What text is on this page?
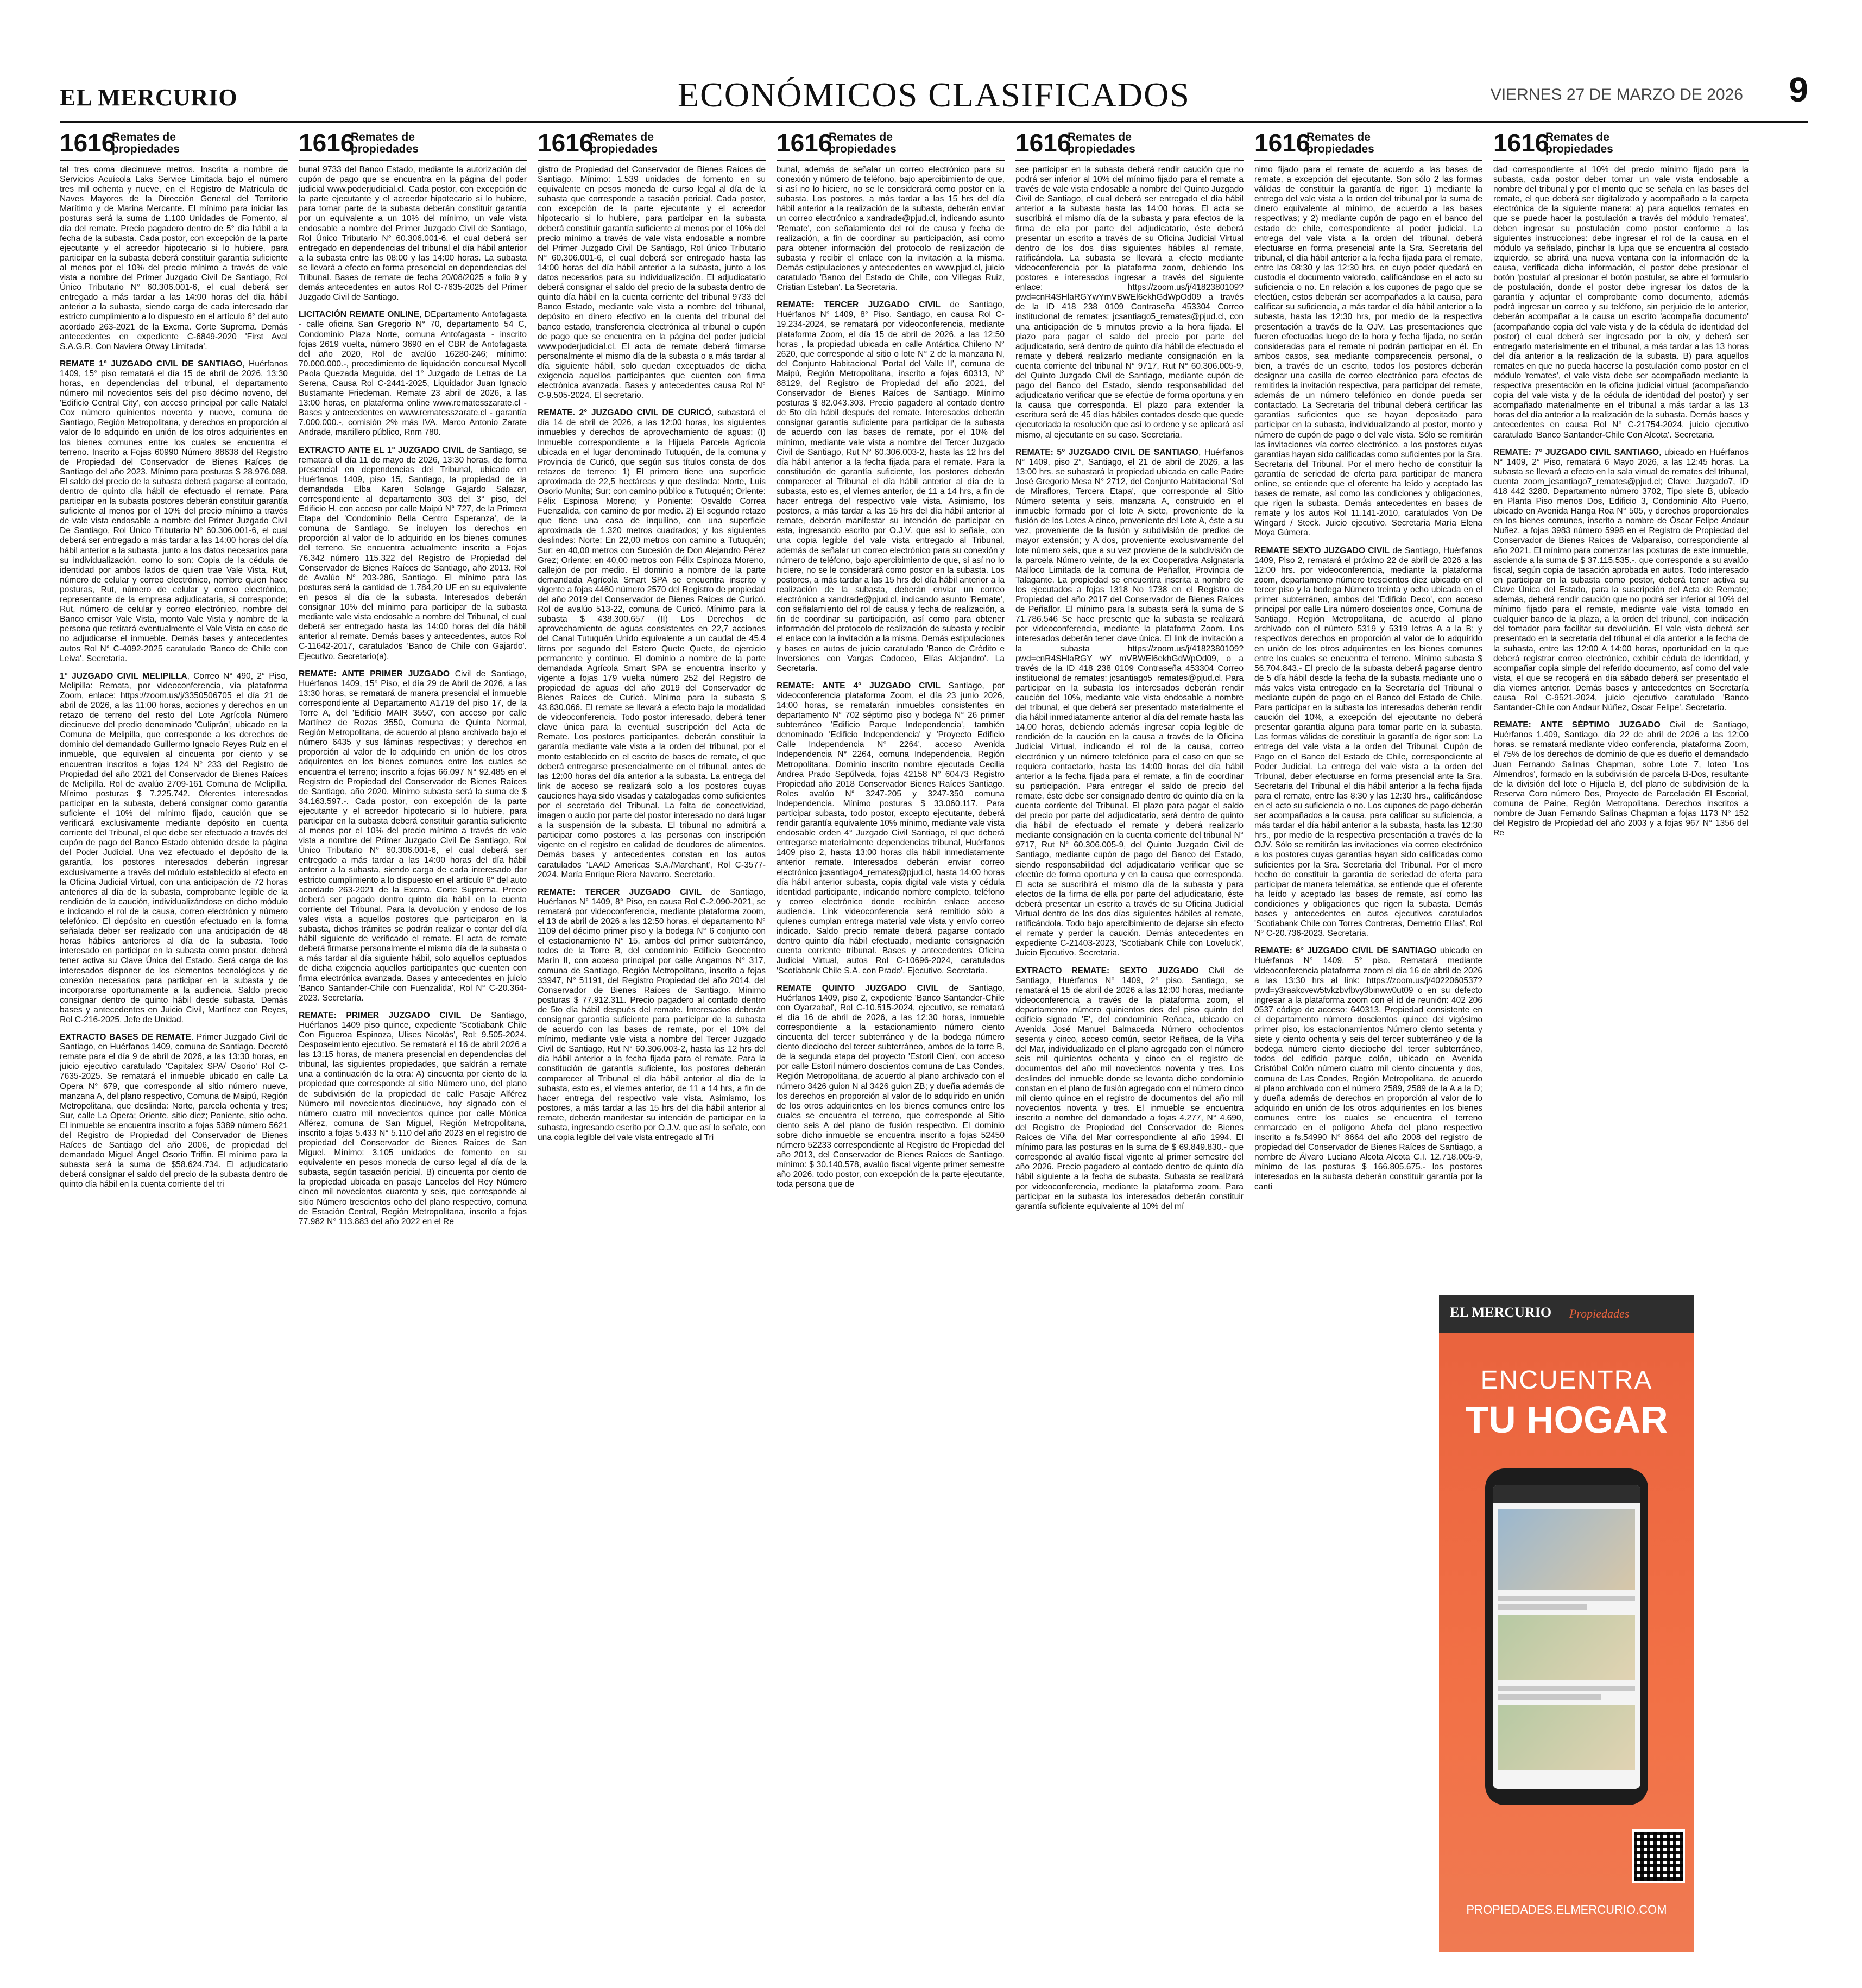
EL MERCURIO	ECONÓMICOS CLASIFICADOS	VIERNES 27 DE MARZO DE 2026 9
1616
Remates de
propiedades

tal tres coma diecinueve metros. Inscrita a nombre de Servicios Acuícola Laks Service Limitada bajo el número tres mil ochenta y nueve, en el Registro de Matrícula de Naves Mayores de la Dirección General del Territorio Marítimo y de Marina Mercante. El mínimo para iniciar las posturas será la suma de 1.100 Unidades de Fomento, al día del remate. Precio pagadero dentro de 5° día hábil a la fecha de la subasta. Cada postor, con excepción de la parte ejecutante y el acreedor hipotecario si lo hubiere, para participar en la subasta deberá constituir garantía suficiente al menos por el 10% del precio mínimo a través de vale vista a nombre del Primer Juzgado Civil De Santiago, Rol Único Tributario N° 60.306.001-6, el cual deberá ser entregado a más tardar a las 14:00 horas del día hábil anterior a la subasta, siendo carga de cada interesado dar estricto cumplimiento a lo dispuesto en el artículo 6° del auto acordado 263-2021 de la Excma. Corte Suprema. Demás antecedentes en expediente C-6849-2020 'First Aval S.A.G.R. Con Naviera Otway Limitada'.

REMATE 1° JUZGADO CIVIL DE SANTIAGO, Huérfanos 1409, 15° piso rematará el día 15 de abril de 2026, 13:30 horas, en dependencias del tribunal, el departamento número mil novecientos seis del piso décimo noveno, del 'Edificio Central City', con acceso principal por calle Natalel Cox número quinientos noventa y nueve, comuna de Santiago, Región Metropolitana, y derechos en proporción al valor de lo adquirido en unión de los otros adquirientes en los bienes comunes entre los cuales se encuentra el terreno. Inscrito a Fojas 60990 Número 88638 del Registro de Propiedad del Conservador de Bienes Raíces de Santiago del año 2023. Mínimo para posturas $ 28.976.088. El saldo del precio de la subasta deberá pagarse al contado, dentro de quinto día hábil de efectuado el remate. Para participar en la subasta postores deberán constituir garantía suficiente al menos por el 10% del precio mínimo a través de vale vista endosable a nombre del Primer Juzgado Civil De Santiago, Rol Único Tributario N° 60.306.001-6, el cual deberá ser entregado a más tardar a las 14:00 horas del día hábil anterior a la subasta, junto a los datos necesarios para su individualización, como lo son: Copia de la cédula de identidad por ambos lados de quien trae Vale Vista, Rut, número de celular y correo electrónico, nombre quien hace posturas, Rut, número de celular y correo electrónico, representante de la empresa adjudicataria, si corresponde; Rut, número de celular y correo electrónico, nombre del Banco emisor Vale Vista, monto Vale Vista y nombre de la persona que retirará eventualmente el Vale Vista en caso de no adjudicarse el inmueble. Demás bases y antecedentes autos Rol N° C-4092-2025 caratulado 'Banco de Chile con Leiva'. Secretaria.

1° JUZGADO CIVIL MELIPILLA, Correo N° 490, 2° Piso, Melipilla: Remata, por videoconferencia, vía plataforma Zoom, enlace: https://zoom.us/j/3350506705 el día 21 de abril de 2026, a las 11:00 horas, acciones y derechos en un retazo de terreno del resto del Lote Agrícola Número diecinueve del predio denominado 'Culiprán', ubicado en la Comuna de Melipilla, que corresponde a los derechos de dominio del demandado Guillermo Ignacio Reyes Ruiz en el inmueble, que equivalen al cincuenta por ciento y se encuentran inscritos a fojas 124 N° 233 del Registro de Propiedad del año 2021 del Conservador de Bienes Raíces de Melipilla. Rol de avalúo 2709-161 Comuna de Melipilla. Mínimo posturas $ 7.225.742. Oferentes interesados participar en la subasta, deberá consignar como garantía suficiente el 10% del mínimo fijado, caución que se verificará exclusivamente mediante depósito en cuenta corriente del Tribunal, el que debe ser efectuado a través del cupón de pago del Banco Estado obtenido desde la página del Poder Judicial. Una vez efectuado el depósito de la garantía, los postores interesados deberán ingresar exclusivamente a través del módulo establecido al efecto en la Oficina Judicial Virtual, con una anticipación de 72 horas anteriores al día de la subasta, comprobante legible de la rendición de la caución, individualizándose en dicho módulo e indicando el rol de la causa, correo electrónico y número telefónico. El depósito en cuestión efectuado en la forma señalada deber ser realizado con una anticipación de 48 horas hábiles anteriores al día de la subasta. Todo interesado en participar en la subasta como postor, deberá tener activa su Clave Única del Estado. Será carga de los interesados disponer de los elementos tecnológicos y de conexión necesarios para participar en la subasta y de incorporarse oportunamente a la audiencia. Saldo precio consignar dentro de quinto hábil desde subasta. Demás bases y antecedentes en Juicio Civil, Martínez con Reyes, Rol C-216-2025. Jefe de Unidad.

EXTRACTO BASES DE REMATE. Primer Juzgado Civil de Santiago, en Huérfanos 1409, comuna de Santiago. Decretó remate para el día 9 de abril de 2026, a las 13:30 horas, en juicio ejecutivo caratulado 'Capitalex SPA/ Osorio' Rol C-7635-2025. Se rematará el inmueble ubicado en calle La Opera N° 679, que corresponde al sitio número nueve, manzana A, del plano respectivo, Comuna de Maipú, Región Metropolitana, que deslinda: Norte, parcela ochenta y tres; Sur, calle La Ópera; Oriente, sitio diez; Poniente, sitio ocho. El inmueble se encuentra inscrito a fojas 5389 número 5621 del Registro de Propiedad del Conservador de Bienes Raíces de Santiago del año 2006, de propiedad del demandado Miguel Ángel Osorio Triffin. El mínimo para la subasta será la suma de $58.624.734. El adjudicatario deberá consignar el saldo del precio de la subasta dentro de quinto día hábil en la cuenta corriente del tri

1616
Remates de
propiedades

bunal 9733 del Banco Estado, mediante la autorización del cupón de pago que se encuentra en la página del poder judicial www.poderjudicial.cl. Cada postor, con excepción de la parte ejecutante y el acreedor hipotecario si lo hubiere, para tomar parte de la subasta deberán constituir garantía por un equivalente a un 10% del mínimo, un vale vista endosable a nombre del Primer Juzgado Civil de Santiago, Rol Único Tributario N° 60.306.001-6, el cual deberá ser entregado en dependencias del tribunal el día hábil anterior a la subasta entre las 08:00 y las 14:00 horas. La subasta se llevará a efecto en forma presencial en dependencias del Tribunal. Bases de remate de fecha 20/08/2025 a folio 9 y demás antecedentes en autos Rol C-7635-2025 del Primer Juzgado Civil de Santiago.

LICITACIÓN REMATE ONLINE, DEpartamento Antofagasta - calle oficina San Gregorio N° 70, departamento 54 C, Condominio Plaza Norte, comuna Antofagasta - inscrito fojas 2619 vuelta, número 3690 en el CBR de Antofagasta del año 2020, Rol de avalúo 16280-246; mínimo: 70.000.000.-, procedimiento de liquidación concursal Mycoll Paola Quezada Maguida, del 1° Juzgado de Letras de La Serena, Causa Rol C-2441-2025, Liquidador Juan Ignacio Bustamante Friedeman. Remate 23 abril de 2026, a las 13:00 horas, en plataforma online www.rematesszarate.cl - Bases y antecedentes en www.rematesszarate.cl - garantía 7.000.000.-, comisión 2% más IVA. Marco Antonio Zarate Andrade, martillero público, Rnm 780.

EXTRACTO ANTE EL 1° JUZGADO CIVIL de Santiago, se rematará el día 11 de mayo de 2026, 13:30 horas, de forma presencial en dependencias del Tribunal, ubicado en Huérfanos 1409, piso 15, Santiago, la propiedad de la demandada Elba Karen Solange Gajardo Salazar, correspondiente al departamento 303 del 3° piso, del Edificio H, con acceso por calle Maipú N° 727, de la Primera Etapa del 'Condominio Bella Centro Esperanza', de la comuna de Santiago. Se incluyen los derechos en proporción al valor de lo adquirido en los bienes comunes del terreno. Se encuentra actualmente inscrito a Fojas 76.342 número 115.322 del Registro de Propiedad del Conservador de Bienes Raíces de Santiago, año 2013. Rol de Avalúo N° 203-286, Santiago. El mínimo para las posturas será la cantidad de 1.784,20 UF en su equivalente en pesos al día de la subasta. Interesados deberán consignar 10% del mínimo para participar de la subasta mediante vale vista endosable a nombre del Tribunal, el cual deberá ser entregado hasta las 14:00 horas del día hábil anterior al remate. Demás bases y antecedentes, autos Rol C-11642-2017, caratulados 'Banco de Chile con Gajardo'. Ejecutivo. Secretario(a).

REMATE: ANTE PRIMER JUZGADO Civil de Santiago, Huérfanos 1409, 15° Piso, el día 29 de Abril de 2026, a las 13:30 horas, se rematará de manera presencial el inmueble correspondiente al Departamento A1719 del piso 17, de la Torre A, del 'Edificio MAIR 3550', con acceso por calle Martínez de Rozas 3550, Comuna de Quinta Normal, Región Metropolitana, de acuerdo al plano archivado bajo el número 6435 y sus láminas respectivas; y derechos en proporción al valor de lo adquirido en unión de los otros adquirentes en los bienes comunes entre los cuales se encuentra el terreno; inscrito a fojas 66.097 N° 92.485 en el Registro de Propiedad del Conservador de Bienes Raíces de Santiago, año 2020. Mínimo subasta será la suma de $ 34.163.597.-. Cada postor, con excepción de la parte ejecutante y el acreedor hipotecario si lo hubiere, para participar en la subasta deberá constituir garantía suficiente al menos por el 10% del precio mínimo a través de vale vista a nombre del Primer Juzgado Civil De Santiago, Rol Único Tributario N° 60.306.001-6, el cual deberá ser entregado a más tardar a las 14:00 horas del día hábil anterior a la subasta, siendo carga de cada interesado dar estricto cumplimiento a lo dispuesto en el artículo 6° del auto acordado 263-2021 de la Excma. Corte Suprema. Precio deberá ser pagado dentro quinto día hábil en la cuenta corriente del Tribunal. Para la devolución y endoso de los vales vista a aquellos postores que participaron en la subasta, dichos trámites se podrán realizar o contar del día hábil siguiente de verificado el remate. El acta de remate deberá firmarse personalmente el mismo día de la subasta o a más tardar al día siguiente hábil, solo aquellos ceptuados de dicha exigencia aquellos participantes que cuenten con firma electrónica avanzada. Bases y antecedentes en juicio 'Banco Santander-Chile con Fuenzalida', Rol N° C-20.364-2023. Secretaría.

REMATE: PRIMER JUZGADO CIVIL De Santiago, Huérfanos 1409 piso quince, expediente 'Scotiabank Chile Con Figueroa Espinoza, Ulises Nicolás', Rol: 9.505-2024. Desposeimiento ejecutivo. Se rematará el 16 de abril 2026 a las 13:15 horas, de manera presencial en dependencias del tribunal, las siguientes propiedades, que saldrán a remate una a continuación de la otra: A) cincuenta por ciento de la propiedad que corresponde al sitio Número uno, del plano de subdivisión de la propiedad de calle Pasaje Alférez Número mil novecientos diecinueve, hoy signado con el número cuatro mil novecientos quince por calle Mónica Alférez, comuna de San Miguel, Región Metropolitana, inscrito a fojas 5.433 N° 5.110 del año 2023 en el registro de propiedad del Conservador de Bienes Raíces de San Miguel. Mínimo: 3.105 unidades de fomento en su equivalente en pesos moneda de curso legal al día de la subasta, según tasación pericial. B) cincuenta por ciento de la propiedad ubicada en pasaje Lancelos del Rey Número cinco mil novecientos cuarenta y seis, que corresponde al sitio Número trescientos ocho del plano respectivo, comuna de Estación Central, Región Metropolitana, inscrito a fojas 77.982 N° 113.883 del año 2022 en el Re

1616
Remates de
propiedades

gistro de Propiedad del Conservador de Bienes Raíces de Santiago. Mínimo: 1.539 unidades de fomento en su equivalente en pesos moneda de curso legal al día de la subasta que corresponde a tasación pericial. Cada postor, con excepción de la parte ejecutante y el acreedor hipotecario si lo hubiere, para participar en la subasta deberá constituir garantía suficiente al menos por el 10% del precio mínimo a través de vale vista endosable a nombre del Primer Juzgado Civil De Santiago, Rol único Tributario N° 60.306.001-6, el cual deberá ser entregado hasta las 14:00 horas del día hábil anterior a la subasta, junto a los datos necesarios para su individualización. El adjudicatario deberá consignar el saldo del precio de la subasta dentro de quinto día hábil en la cuenta corriente del tribunal 9733 del Banco Estado, mediante vale vista a nombre del tribunal, depósito en dinero efectivo en la cuenta del tribunal del banco estado, transferencia electrónica al tribunal o cupón de pago que se encuentra en la página del poder judicial www.poderjudicial.cl. El acta de remate deberá firmarse personalmente el mismo día de la subasta o a más tardar al día siguiente hábil, solo quedan exceptuados de dicha exigencia aquellos participantes que cuenten con firma electrónica avanzada. Bases y antecedentes causa Rol N° C-9.505-2024. El secretario.

REMATE. 2° JUZGADO CIVIL DE CURICÓ, subastará el día 14 de abril de 2026, a las 12:00 horas, los siguientes inmuebles y derechos de aprovechamiento de aguas: (I) Inmueble correspondiente a la Hijuela Parcela Agrícola ubicada en el lugar denominado Tutuquén, de la comuna y Provincia de Curicó, que según sus títulos consta de dos retazos de terreno: 1) El primero tiene una superficie aproximada de 22,5 hectáreas y que deslinda: Norte, Luis Osorio Munita; Sur: con camino público a Tutuquén; Oriente: Félix Espinosa Moreno; y Poniente: Osvaldo Correa Fuenzalida, con camino de por medio. 2) El segundo retazo que tiene una casa de inquilino, con una superficie aproximada de 1.320 metros cuadrados; y los siguientes deslindes: Norte: En 22,00 metros con camino a Tutuquén; Sur: en 40,00 metros con Sucesión de Don Alejandro Pérez Grez; Oriente: en 40,00 metros con Félix Espinoza Moreno, callejón de por medio. El dominio a nombre de la parte demandada Agrícola Smart SPA se encuentra inscrito y vigente a fojas 4460 número 2570 del Registro de propiedad del año 2019 del Conservador de Bienes Raíces de Curicó. Rol de avalúo 513-22, comuna de Curicó. Mínimo para la subasta $ 438.300.657 (II) Los Derechos de aprovechamiento de aguas consistentes en 22,7 acciones del Canal Tutuquén Unido equivalente a un caudal de 45,4 litros por segundo del Estero Quete Quete, de ejercicio permanente y continuo. El dominio a nombre de la parte demandada Agrícola Smart SPA se encuentra inscrito y vigente a fojas 179 vuelta número 252 del Registro de propiedad de aguas del año 2019 del Conservador de Bienes Raíces de Curicó. Mínimo para la subasta $ 43.830.066. El remate se llevará a efecto bajo la modalidad de videoconferencia. Todo postor interesado, deberá tener clave única para la eventual suscripción del Acta de Remate. Los postores participantes, deberán constituir la garantía mediante vale vista a la orden del tribunal, por el monto establecido en el escrito de bases de remate, el que deberá entregarse presencialmente en el tribunal, antes de las 12:00 horas del día anterior a la subasta. La entrega del link de acceso se realizará solo a los postores cuyas cauciones haya sido visadas y catalogadas como suficientes por el secretario del Tribunal. La falta de conectividad, imagen o audio por parte del postor interesado no dará lugar a la suspensión de la subasta. El tribunal no admitirá a participar como postores a las personas con inscripción vigente en el registro en calidad de deudores de alimentos. Demás bases y antecedentes constan en los autos caratulados 'LAAD Americas S.A./Marchant', Rol C-3577-2024. María Enrique Riera Navarro. Secretario.

REMATE: TERCER JUZGADO CIVIL de Santiago, Huérfanos N° 1409, 8° Piso, en causa Rol C-2.090-2021, se rematará por videoconferencia, mediante plataforma zoom, el 13 de abril de 2026 a las 12:50 horas, el departamento N° 1109 del décimo primer piso y la bodega N° 6 conjunto con el estacionamiento N° 15, ambos del primer subterráneo, todos de la Torre B, del condominio Edificio Geocentro Marín II, con acceso principal por calle Angamos N° 317, comuna de Santiago, Región Metropolitana, inscrito a fojas 33947, N° 51191, del Registro Propiedad del año 2014, del Conservador de Bienes Raíces de Santiago. Mínimo posturas $ 77.912.311. Precio pagadero al contado dentro de 5to día hábil después del remate. Interesados deberán consignar garantía suficiente para participar de la subasta de acuerdo con las bases de remate, por el 10% del mínimo, mediante vale vista a nombre del Tercer Juzgado Civil de Santiago, Rut N° 60.306.003-2, hasta las 12 hrs del día hábil anterior a la fecha fijada para el remate. Para la constitución de garantía suficiente, los postores deberán comparecer al Tribunal el día hábil anterior al día de la subasta, esto es, el viernes anterior, de 11 a 14 hrs, a fin de hacer entrega del respectivo vale vista. Asimismo, los postores, a más tardar a las 15 hrs del día hábil anterior al remate, deberán manifestar su intención de participar en la subasta, ingresando escrito por O.J.V. que así lo señale, con una copia legible del vale vista entregado al Tri

1616
Remates de
propiedades

bunal, además de señalar un correo electrónico para su conexión y número de teléfono, bajo apercibimiento de que, si así no lo hiciere, no se le considerará como postor en la subasta. Los postores, a más tardar a las 15 hrs del día hábil anterior a la realización de la subasta, deberán enviar un correo electrónico a xandrade@pjud.cl, indicando asunto 'Remate', con señalamiento del rol de causa y fecha de realización, a fin de coordinar su participación, así como para obtener información del protocolo de realización de subasta y recibir el enlace con la invitación a la misma. Demás estipulaciones y antecedentes en www.pjud.cl, juicio caratulado 'Banco del Estado de Chile, con Villegas Ruiz, Cristian Esteban'. La Secretaria.

REMATE: TERCER JUZGADO CIVIL de Santiago, Huérfanos N° 1409, 8° Piso, Santiago, en causa Rol C-19.234-2024, se rematará por videoconferencia, mediante plataforma Zoom, el día 15 de abril de 2026, a las 12:50 horas , la propiedad ubicada en calle Antártica Chileno N° 2620, que corresponde al sitio o lote N° 2 de la manzana N, del Conjunto Habitacional 'Portal del Valle II', comuna de Maipú, Región Metropolitana, inscrito a fojas 60313, N° 88129, del Registro de Propiedad del año 2021, del Conservador de Bienes Raíces de Santiago. Mínimo posturas $ 82.043.303. Precio pagadero al contado dentro de 5to día hábil después del remate. Interesados deberán consignar garantía suficiente para participar de la subasta de acuerdo con las bases de remate, por el 10% del mínimo, mediante vale vista a nombre del Tercer Juzgado Civil de Santiago, Rut N° 60.306.003-2, hasta las 12 hrs del día hábil anterior a la fecha fijada para el remate. Para la constitución de garantía suficiente, los postores deberán comparecer al Tribunal el día hábil anterior al día de la subasta, esto es, el viernes anterior, de 11 a 14 hrs, a fin de hacer entrega del respectivo vale vista. Asimismo, los postores, a más tardar a las 15 hrs del día hábil anterior al remate, deberán manifestar su intención de participar en esta, ingresando escrito por O.J.V. que así lo señale, con una copia legible del vale vista entregado al Tribunal, además de señalar un correo electrónico para su conexión y número de teléfono, bajo apercibimiento de que, si así no lo hiciere, no se le considerará como postor en la subasta. Los postores, a más tardar a las 15 hrs del día hábil anterior a la realización de la subasta, deberán enviar un correo electrónico a xandrade@pjud.cl, indicando asunto 'Remate', con señalamiento del rol de causa y fecha de realización, a fin de coordinar su participación, así como para obtener información del protocolo de realización de subasta y recibir el enlace con la invitación a la misma. Demás estipulaciones y bases en autos de juicio caratulado 'Banco de Crédito e Inversiones con Vargas Codoceo, Elías Alejandro'. La Secretaria.

REMATE: ANTE 4° JUZGADO CIVIL Santiago, por videoconferencia plataforma Zoom, el día 23 junio 2026, 14:00 horas, se rematarán inmuebles consistentes en departamento N° 702 séptimo piso y bodega N° 26 primer subterráneo 'Edificio Parque Independencia', también denominado 'Edificio Independencia' y 'Proyecto Edificio Calle Independencia N° 2264', acceso Avenida Independencia N° 2264, comuna Independencia, Región Metropolitana. Dominio inscrito nombre ejecutada Cecilia Andrea Prado Sepúlveda, fojas 42158 N° 60473 Registro Propiedad año 2018 Conservador Bienes Raíces Santiago. Roles avalúo N° 3247-205 y 3247-350 comuna Independencia. Mínimo posturas $ 33.060.117. Para participar subasta, todo postor, excepto ejecutante, deberá rendir garantía equivalente 10% mínimo, mediante vale vista endosable orden 4° Juzgado Civil Santiago, el que deberá entregarse materialmente dependencias tribunal, Huérfanos 1409 piso 2, hasta 13:00 horas día hábil inmediatamente anterior remate. Interesados deberán enviar correo electrónico jcsantiago4_remates@pjud.cl, hasta 14:00 horas día hábil anterior subasta, copia digital vale vista y cédula identidad participante, indicando nombre completo, teléfono y correo electrónico donde recibirán enlace acceso audiencia. Link videoconferencia será remitido sólo a quienes cumplan entrega material vale vista y envío correo indicado. Saldo precio remate deberá pagarse contado dentro quinto día hábil efectuado, mediante consignación cuenta corriente tribunal. Bases y antecedentes Oficina Judicial Virtual, autos Rol C-10696-2024, caratulados 'Scotiabank Chile S.A. con Prado'. Ejecutivo. Secretaria.

REMATE QUINTO JUZGADO CIVIL de Santiago, Huérfanos 1409, piso 2, expediente 'Banco Santander-Chile con Oyarzabal', Rol C-10.515-2024, ejecutivo, se rematará el día 16 de abril de 2026, a las 12:30 horas, inmueble correspondiente a la estacionamiento número ciento cincuenta del tercer subterráneo y de la bodega número ciento dieciocho del tercer subterráneo, ambos de la torre B, de la segunda etapa del proyecto 'Estoril Cien', con acceso por calle Estoril número doscientos comuna de Las Condes, Región Metropolitana, de acuerdo al plano archivado con el número 3426 guion N al 3426 guion ZB; y dueña además de los derechos en proporción al valor de lo adquirido en unión de los otros adquirientes en los bienes comunes entre los cuales se encuentra el terreno, que corresponde al Sitio ciento seis A del plano de fusión respectivo. El dominio sobre dicho inmueble se encuentra inscrito a fojas 52450 número 52233 correspondiente al Registro de Propiedad del año 2013, del Conservador de Bienes Raíces de Santiago. mínimo: $ 30.140.578, avalúo fiscal vigente primer semestre año 2026. todo postor, con excepción de la parte ejecutante, toda persona que de

1616
Remates de
propiedades

see participar en la subasta deberá rendir caución que no podrá ser inferior al 10% del mínimo fijado para el remate a través de vale vista endosable a nombre del Quinto Juzgado Civil de Santiago, el cual deberá ser entregado el día hábil anterior a la subasta hasta las 14:00 horas. El acta se suscribirá el mismo día de la subasta y para efectos de la firma de ella por parte del adjudicatario, éste deberá presentar un escrito a través de su Oficina Judicial Virtual dentro de los dos días siguientes hábiles al remate, ratificándola. La subasta se llevará a efecto mediante videoconferencia por la plataforma zoom, debiendo los postores e interesados ingresar a través del siguiente enlace: https://zoom.us/j/4182380109?pwd=cnR4SHlaRGYwYmVBWEl6ekhGdWpOd09 a través de la ID 418 238 0109 Contraseña 453304 Correo institucional de remates: jcsantiago5_remates@pjud.cl, con una anticipación de 5 minutos previo a la hora fijada. El plazo para pagar el saldo del precio por parte del adjudicatario, será dentro de quinto día hábil de efectuado el remate y deberá realizarlo mediante consignación en la cuenta corriente del tribunal N° 9717, Rut N° 60.306.005-9, del Quinto Juzgado Civil de Santiago, mediante cupón de pago del Banco del Estado, siendo responsabilidad del adjudicatario verificar que se efectúe de forma oportuna y en la causa que corresponda. El plazo para extender la escritura será de 45 días hábiles contados desde que quede ejecutoriada la resolución que así lo ordene y se aplicará así mismo, al ejecutante en su caso. Secretaria.

REMATE: 5° JUZGADO CIVIL DE SANTIAGO, Huérfanos N° 1409, piso 2°, Santiago, el 21 de abril de 2026, a las 13:00 hrs. se subastará la propiedad ubicada en calle Padre José Gregorio Mesa N° 2712, del Conjunto Habitacional 'Sol de Miraflores, Tercera Etapa', que corresponde al Sitio Número setenta y seis, manzana A, construido en el inmueble formado por el lote A siete, proveniente de la fusión de los Lotes A cinco, proveniente del Lote A, éste a su vez, proveniente de la fusión y subdivisión de predios de mayor extensión; y A dos, proveniente exclusivamente del lote número seis, que a su vez proviene de la subdivisión de la parcela Número veinte, de la ex Cooperativa Asignataria Malloco Limitada de la comuna de Peñaflor, Provincia de Talagante. La propiedad se encuentra inscrita a nombre de los ejecutados a fojas 1318 No 1738 en el Registro de Propiedad del año 2017 del Conservador de Bienes Raíces de Peñaflor. El mínimo para la subasta será la suma de $ 71.786.546 Se hace presente que la subasta se realizará por videoconferencia, mediante la plataforma Zoom. Los interesados deberán tener clave única. El link de invitación a la subasta https://zoom.us/j/4182380109? pwd=cnR4SHlaRGY wY mVBWEl6ekhGdWpOd09, o a través de la ID 418 238 0109 Contraseña 453304 Correo institucional de remates: jcsantiago5_remates@pjud.cl. Para participar en la subasta los interesados deberán rendir caución del 10%, mediante vale vista endosable a nombre del tribunal, el que deberá ser presentado materialmente el día hábil inmediatamente anterior al día del remate hasta las 14.00 horas, debiendo además ingresar copia legible de rendición de la caución en la causa a través de la Oficina Judicial Virtual, indicando el rol de la causa, correo electrónico y un número telefónico para el caso en que se requiera contactarlo, hasta las 14:00 horas del día hábil anterior a la fecha fijada para el remate, a fin de coordinar su participación. Para entregar el saldo de precio del remate, éste debe ser consignado dentro de quinto día en la cuenta corriente del Tribunal. El plazo para pagar el saldo del precio por parte del adjudicatario, será dentro de quinto día hábil de efectuado el remate y deberá realizarlo mediante consignación en la cuenta corriente del tribunal N° 9717, Rut N° 60.306.005-9, del Quinto Juzgado Civil de Santiago, mediante cupón de pago del Banco del Estado, siendo responsabilidad del adjudicatario verificar que se efectúe de forma oportuna y en la causa que corresponda. El acta se suscribirá el mismo día de la subasta y para efectos de la firma de ella por parte del adjudicatario, éste deberá presentar un escrito a través de su Oficina Judicial Virtual dentro de los dos días siguientes hábiles al remate, ratificándola. Todo bajo apercibimiento de dejarse sin efecto el remate y perder la caución. Demás antecedentes en expediente C-21403-2023, 'Scotiabank Chile con Loveluck', Juicio Ejecutivo. Secretaria.

EXTRACTO REMATE: SEXTO JUZGADO Civil de Santiago, Huérfanos N° 1409, 2° piso, Santiago, se rematará el 15 de abril de 2026 a las 12:00 horas, mediante videoconferencia a través de la plataforma zoom, el departamento número quinientos dos del piso quinto del edificio signado 'E', del condominio Reñaca, ubicado en Avenida José Manuel Balmaceda Número ochocientos sesenta y cinco, acceso común, sector Reñaca, de la Viña del Mar, individualizado en el plano agregado con el número seis mil quinientos ochenta y cinco en el registro de documentos del año mil novecientos noventa y tres. Los deslindes del inmueble donde se levanta dicho condominio constan en el plano de fusión agregado con el número cinco mil ciento quince en el registro de documentos del año mil novecientos noventa y tres. El inmueble se encuentra inscrito a nombre del demandado a fojas 4.277, N° 4.690, del Registro de Propiedad del Conservador de Bienes Raíces de Viña del Mar correspondiente al año 1994. El mínimo para las posturas en la suma de $ 69.849.830.- que corresponde al avalúo fiscal vigente al primer semestre del año 2026. Precio pagadero al contado dentro de quinto día hábil siguiente a la fecha de subasta. Subasta se realizará por videoconferencia, mediante la plataforma zoom. Para participar en la subasta los interesados deberán constituir garantía suficiente equivalente al 10% del mí

1616
Remates de
propiedades

nimo fijado para el remate de acuerdo a las bases de remate, a excepción del ejecutante. Son sólo 2 las formas válidas de constituir la garantía de rigor: 1) mediante la entrega del vale vista a la orden del tribunal por la suma de dinero equivalente al mínimo, de acuerdo a las bases respectivas; y 2) mediante cupón de pago en el banco del estado de chile, correspondiente al poder judicial. La entrega del vale vista a la orden del tribunal, deberá efectuarse en forma presencial ante la Sra. Secretaria del tribunal, el día hábil anterior a la fecha fijada para el remate, entre las 08:30 y las 12:30 hrs, en cuyo poder quedará en custodia el documento valorado, calificándose en el acto su suficiencia o no. En relación a los cupones de pago que se efectúen, estos deberán ser acompañados a la causa, para calificar su suficiencia, a más tardar el día hábil anterior a la subasta, hasta las 12:30 hrs, por medio de la respectiva presentación a través de la OJV. Las presentaciones que fueren efectuadas luego de la hora y fecha fijada, no serán consideradas para el remate ni podrán participar en él. En ambos casos, sea mediante comparecencia personal, o bien, a través de un escrito, todos los postores deberán designar una casilla de correo electrónico para efectos de remitirles la invitación respectiva, para participar del remate, además de un número telefónico en donde pueda ser contactado. La Secretaria del tribunal deberá certificar las garantías suficientes que se hayan depositado para participar en la subasta, individualizando al postor, monto y número de cupón de pago o del vale vista. Sólo se remitirán las invitaciones vía correo electrónico, a los postores cuyas garantías hayan sido calificadas como suficientes por la Sra. Secretaria del Tribunal. Por el mero hecho de constituir la garantía de seriedad de oferta para participar de manera online, se entiende que el oferente ha leído y aceptado las bases de remate, así como las condiciones y obligaciones, que rigen la subasta. Demás antecedentes en bases de remate y los autos Rol 11.141-2010, caratulados Von De Wingard / Steck. Juicio ejecutivo. Secretaria María Elena Moya Gúmera.

REMATE SEXTO JUZGADO CIVIL de Santiago, Huérfanos 1409, Piso 2, rematará el próximo 22 de abril de 2026 a las 12:00 hrs. por videoconferencia, mediante la plataforma zoom, departamento número trescientos diez ubicado en el tercer piso y la bodega Número treinta y ocho ubicada en el primer subterráneo, ambos del 'Edificio Deco', con acceso principal por calle Lira número doscientos once, Comuna de Santiago, Región Metropolitana, de acuerdo al plano archivado con el número 5319 y 5319 letras A a la B; y respectivos derechos en proporción al valor de lo adquirido en unión de los otros adquirentes en los bienes comunes entre los cuales se encuentra el terreno. Mínimo subasta $ 56.704.843.- El precio de la subasta deberá pagarse dentro de 5 día hábil desde la fecha de la subasta mediante uno o más vales vista entregado en la Secretaría del Tribunal o mediante cupón de pago en el Banco del Estado de Chile. Para participar en la subasta los interesados deberán rendir caución del 10%, a excepción del ejecutante no deberá presentar garantía alguna para tomar parte en la subasta. Las formas válidas de constituir la garantía de rigor son: La entrega del vale vista a la orden del Tribunal. Cupón de Pago en el Banco del Estado de Chile, correspondiente al Poder Judicial. La entrega del vale vista a la orden del Tribunal, deber efectuarse en forma presencial ante la Sra. Secretaria del Tribunal el día hábil anterior a la fecha fijada para el remate, entre las 8:30 y las 12:30 hrs., calificándose en el acto su suficiencia o no. Los cupones de pago deberán ser acompañados a la causa, para calificar su suficiencia, a más tardar el día hábil anterior a la subasta, hasta las 12:30 hrs., por medio de la respectiva presentación a través de la OJV. Sólo se remitirán las invitaciones vía correo electrónico a los postores cuyas garantías hayan sido calificadas como suficientes por la Sra. Secretaria del Tribunal. Por el mero hecho de constituir la garantía de seriedad de oferta para participar de manera telemática, se entiende que el oferente ha leído y aceptado las bases de remate, así como las condiciones y obligaciones que rigen la subasta. Demás bases y antecedentes en autos ejecutivos caratulados 'Scotiabank Chile con Torres Contreras, Demetrio Elías', Rol N° C-20.736-2023. Secretaria.

REMATE: 6° JUZGADO CIVIL DE SANTIAGO ubicado en Huérfanos N° 1409, 5° piso. Rematará mediante videoconferencia plataforma zoom el día 16 de abril de 2026 a las 13:30 hrs al link: https://zoom.us/j/4022060537?pwd=y3raakcvew5tvkzbvfbvy3binww0ut09 o en su defecto ingresar a la plataforma zoom con el id de reunión: 402 206 0537 código de acceso: 640313. Propiedad consistente en el departamento número doscientos quince del vigésimo primer piso, los estacionamientos Número ciento setenta y siete y ciento ochenta y seis del tercer subterráneo y de la bodega número ciento dieciocho del tercer subterráneo, todos del edificio parque colón, ubicado en Avenida Cristóbal Colón número cuatro mil ciento cincuenta y dos, comuna de Las Condes, Región Metropolitana, de acuerdo al plano archivado con el número 2589, 2589 de la A a la D; y dueña además de derechos en proporción al valor de lo adquirido en unión de los otros adquirientes en los bienes comunes entre los cuales se encuentra el terreno enmarcado en el polígono Abefa del plano respectivo inscrito a fs.54990 N° 8664 del año 2008 del registro de propiedad del Conservador de Bienes Raíces de Santiago, a nombre de Álvaro Luciano Alcota Alcota C.I. 12.718.005-9, mínimo de las posturas $ 166.805.675.- los postores interesados en la subasta deberán constituir garantía por la canti

1616
Remates de
propiedades

dad correspondiente al 10% del precio mínimo fijado para la subasta, cada postor deber tomar un vale vista endosable a nombre del tribunal y por el monto que se señala en las bases del remate, el que deberá ser digitalizado y acompañado a la carpeta electrónica de la siguiente manera: a) para aquellos remates en que se puede hacer la postulación a través del módulo 'remates', deben ingresar su postulación como postor conforme a las siguientes instrucciones: debe ingresar el rol de la causa en el módulo ya señalado, pinchar la lupa que se encuentra al costado izquierdo, se abrirá una nueva ventana con la información de la causa, verificada dicha información, el postor debe presionar el botón 'postular' al presionar el botón postular, se abre el formulario de postulación, donde el postor debe ingresar los datos de la garantía y adjuntar el comprobante como documento, además podrá ingresar un correo y su teléfono, sin perjuicio de lo anterior, deberán acompañar a la causa un escrito 'acompaña documento' (acompañando copia del vale vista y de la cédula de identidad del postor) el cual deberá ser ingresado por la oiv, y deberá ser entregarlo materialmente en el tribunal, a más tardar a las 13 horas del día anterior a la realización de la subasta. B) para aquellos remates en que no pueda hacerse la postulación como postor en el módulo 'remates', el vale vista debe ser acompañado mediante la respectiva presentación en la oficina judicial virtual (acompañando copia del vale vista y de la cédula de identidad del postor) y ser acompañado materialmente en el tribunal a más tardar a las 13 horas del día anterior a la realización de la subasta. Demás bases y antecedentes en causa Rol N° C-21754-2024, juicio ejecutivo caratulado 'Banco Santander-Chile Con Alcota'. Secretaria.

REMATE: 7° JUZGADO CIVIL SANTIAGO, ubicado en Huérfanos N° 1409, 2° Piso, rematará 6 Mayo 2026, a las 12:45 horas. La subasta se llevará a efecto en la sala virtual de remates del tribunal, cuenta zoom_jcsantiago7_remates@pjud.cl; Clave: Juzgado7, ID 418 442 3280. Departamento número 3702, Tipo siete B, ubicado en Planta Piso menos Dos, Edificio 3, Condominio Alto Puerto, ubicado en Avenida Hanga Roa N° 505, y derechos proporcionales en los bienes comunes, inscrito a nombre de Óscar Felipe Andaur Nuñez, a fojas 3983 número 5998 en el Registro de Propiedad del Conservador de Bienes Raíces de Valparaíso, correspondiente al año 2021. El mínimo para comenzar las posturas de este inmueble, asciende a la suma de $ 37.115.535.-, que corresponde a su avalúo fiscal, según copia de tasación aprobada en autos. Todo interesado en participar en la subasta como postor, deberá tener activa su Clave Única del Estado, para la suscripción del Acta de Remate; además, deberá rendir caución que no podrá ser inferior al 10% del mínimo fijado para el remate, mediante vale vista tomado en cualquier banco de la plaza, a la orden del tribunal, con indicación del tomador para facilitar su devolución. El vale vista deberá ser presentado en la secretaría del tribunal el día anterior a la fecha de la subasta, entre las 12:00 A 14:00 horas, oportunidad en la que deberá registrar correo electrónico, exhibir cédula de identidad, y acompañar copia simple del referido documento, así como del vale vista, el que se recogerá en día sábado deberá ser presentado el día viernes anterior. Demás bases y antecedentes en Secretaría causa Rol C-9521-2024, juicio ejecutivo caratulado 'Banco Santander-Chile con Andaur Núñez, Oscar Felipe'. Secretario.

REMATE: ANTE SÉPTIMO JUZGADO Civil de Santiago, Huérfanos 1.409, Santiago, día 22 de abril de 2026 a las 12:00 horas, se rematará mediante video conferencia, plataforma Zoom, el 75% de los derechos de dominio de que es dueño el demandado Juan Fernando Salinas Chapman, sobre Lote 7, loteo 'Los Almendros', formado en la subdivisión de parcela B-Dos, resultante de la división del lote o Hijuela B, del plano de subdivisión de la Reserva Coro número Dos, Proyecto de Parcelación El Escorial, comuna de Paine, Región Metropolitana. Derechos inscritos a nombre de Juan Fernando Salinas Chapman a fojas 1173 N° 152 del Registro de Propiedad del año 2003 y a fojas 967 N° 1356 del Re

EL MERCURIO Propiedades
ENCUENTRA
TU HOGAR
PROPIEDADES.ELMERCURIO.COM
